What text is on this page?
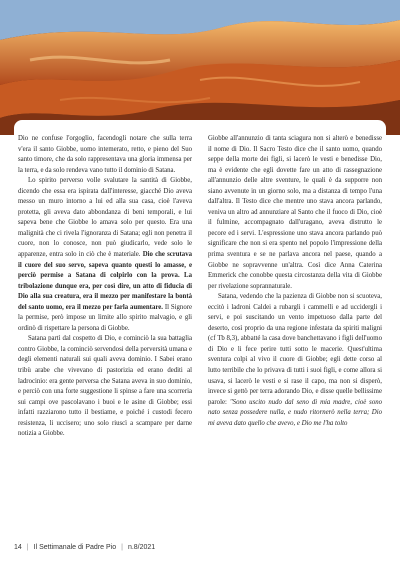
Dio ne confuse l'orgoglio, facendogli notare che sulla terra v'era il santo Giobbe, uomo intemerato, retto, e pieno del Suo santo timore, che da solo rappresentava una gloria immensa per la terra, e da solo rendeva vano tutto il dominio di Satana.

Lo spirito perverso volle svalutare la santità di Giobbe, dicendo che essa era ispirata dall'interesse, giacché Dio aveva messo un muro intorno a lui ed alla sua casa, cioè l'aveva protetta, gli aveva dato abbondanza di beni temporali, e lui sapeva bene che Giobbe lo amava solo per questo. Era una malignità che ci rivela l'ignoranza di Satana; egli non penetra il cuore, non lo conosce, non può giudicarlo, vede solo le apparenze, entra solo in ciò che è materiale. Dio che scrutava il cuore del suo servo, sapeva quanto questi lo amasse, e perciò permise a Satana di colpirlo con la prova. La tribolazione dunque era, per così dire, un atto di fiducia di Dio alla sua creatura, era il mezzo per manifestare la bontà del santo uomo, era il mezzo per farla aumentare. Il Signore la permise, però impose un limite allo spirito malvagio, e gli ordinò di rispettare la persona di Giobbe.

Satana partì dal cospetto di Dio, e cominciò la sua battaglia contro Giobbe, la cominciò servendosi della perversità umana e degli elementi naturali sui quali aveva dominio. I Sabei erano tribù arabe che vivevano di pastorizia ed erano dediti al ladrocinio: era gente perversa che Satana aveva in suo dominio, e perciò con una forte suggestione li spinse a fare una scorreria sui campi ove pascolavano i buoi e le asine di Giobbe; essi infatti razziarono tutto il bestiame, e poiché i custodi fecero resistenza, li uccisero; uno solo riuscì a scampare per darne notizia a Giobbe.

Giobbe all'annunzio di tanta sciagura non si alterò e benedisse il nome di Dio. Il Sacro Testo dice che il santo uomo, quando seppe della morte dei figli, si lacerò le vesti e benedisse Dio, ma è evidente che egli dovette fare un atto di rassegnazione all'annunzio delle altre sventure, le quali è da supporre non siano avvenute in un giorno solo, ma a distanza di tempo l'una dall'altra. Il Testo dice che mentre uno stava ancora parlando, veniva un altro ad annunziare al Santo che il fuoco di Dio, cioè il fulmine, accompagnato dall'uragano, aveva distrutto le pecore ed i servi. L'espressione uno stava ancora parlando può significare che non si era spento nel popolo l'impressione della prima sventura e se ne parlava ancora nel paese, quando a Giobbe ne sopravvenne un'altra. Così dice Anna Caterina Emmerick che conobbe questa circostanza della vita di Giobbe per rivelazione soprannaturale.

Satana, vedendo che la pazienza di Giobbe non si scuoteva, eccitò i ladroni Caldei a rubargli i cammelli e ad uccidergli i servi, e poi suscitando un vento impetuoso dalla parte del deserto, così proprio da una regione infestata da spiriti maligni (cf Tb 8,3), abbatté la casa dove banchettavano i figli dell'uomo di Dio e li fece perire tutti sotto le macerie. Quest'ultima sventura colpì al vivo il cuore di Giobbe; egli dette corso al lutto terribile che lo privava di tutti i suoi figli, e come allora si usava, si lacerò le vesti e si rase il capo, ma non si disperò, invece si gettò per terra adorando Dio, e disse quelle bellissime parole: "Sono uscito nudo dal seno di mia madre, cioè sono nato senza possedere nulla, e nudo ritornerò nella terra; Dio mi aveva dato quello che avevo, e Dio me l'ha tolto

14 | Il Settimanale di Padre Pio | n.8/2021
